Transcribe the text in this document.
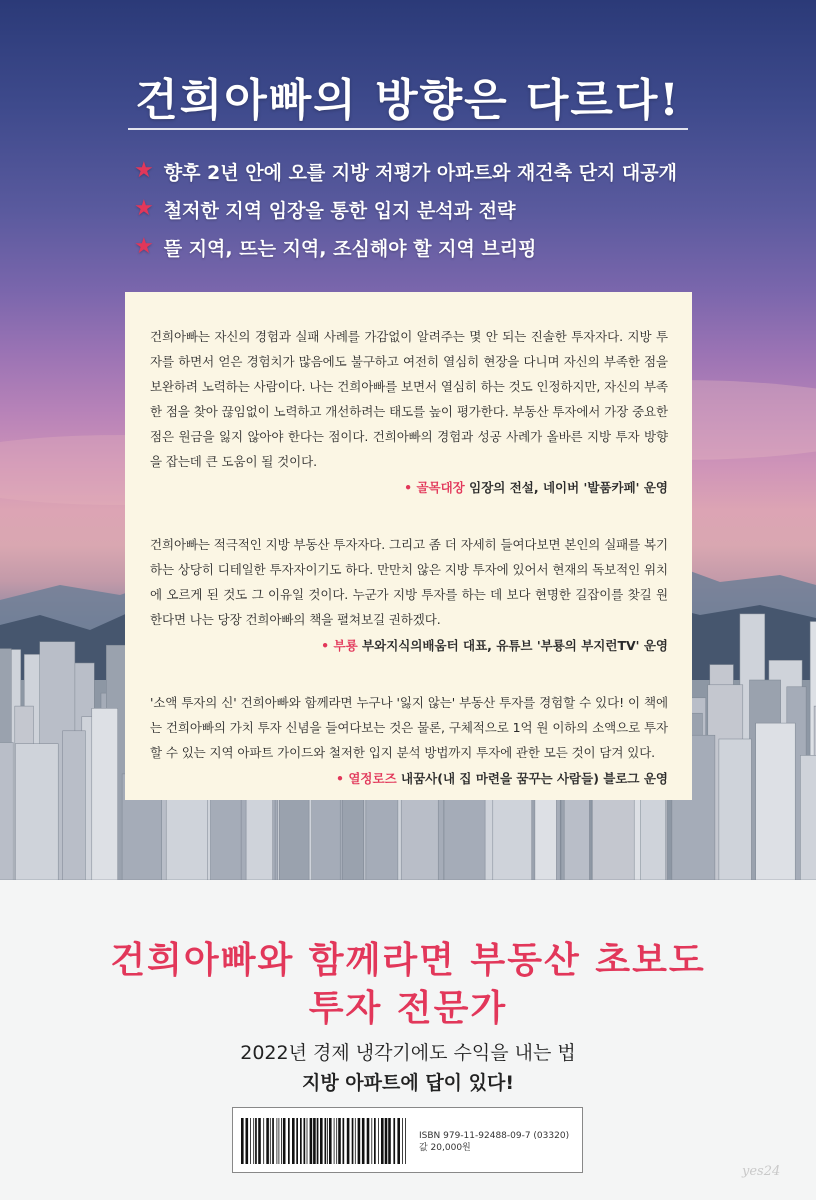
건희아빠의 방향은 다르다!
★ 향후 2년 안에 오를 지방 저평가 아파트와 재건축 단지 대공개
★ 철저한 지역 임장을 통한 입지 분석과 전략
★ 뜰 지역, 뜨는 지역, 조심해야 할 지역 브리핑

건희아빠는 자신의 경험과 실패 사례를 가감없이 알려주는 몇 안 되는 진솔한 투자자다. 지방 투자를 하면서 얻은 경험치가 많음에도 불구하고 여전히 열심히 현장을 다니며 자신의 부족한 점을 보완하려 노력하는 사람이다. 나는 건희아빠를 보면서 열심히 하는 것도 인정하지만, 자신의 부족한 점을 찾아 끊임없이 노력하고 개선하려는 태도를 높이 평가한다. 부동산 투자에서 가장 중요한 점은 원금을 잃지 않아야 한다는 점이다. 건희아빠의 경험과 성공 사례가 올바른 지방 투자 방향을 잡는데 큰 도움이 될 것이다.

• 골목대장 임장의 전설, 네이버 '발품카페' 운영

건희아빠는 적극적인 지방 부동산 투자자다. 그리고 좀 더 자세히 들여다보면 본인의 실패를 복기하는 상당히 디테일한 투자자이기도 하다. 만만치 않은 지방 투자에 있어서 현재의 독보적인 위치에 오르게 된 것도 그 이유일 것이다. 누군가 지방 투자를 하는 데 보다 현명한 길잡이를 찾길 원한다면 나는 당장 건희아빠의 책을 펼쳐보길 권하겠다.

• 부룡 부와지식의배움터 대표, 유튜브 '부룡의 부지런TV' 운영

'소액 투자의 신' 건희아빠와 함께라면 누구나 '잃지 않는' 부동산 투자를 경험할 수 있다! 이 책에는 건희아빠의 가치 투자 신념을 들여다보는 것은 물론, 구체적으로 1억 원 이하의 소액으로 투자할 수 있는 지역 아파트 가이드와 철저한 입지 분석 방법까지 투자에 관한 모든 것이 담겨 있다.

• 열정로즈 내꿈사(내 집 마련을 꿈꾸는 사람들) 블로그 운영
건희아빠와 함께라면 부동산 초보도
투자 전문가
2022년 경제 냉각기에도 수익을 내는 법
지방 아파트에 답이 있다!
ISBN 979-11-92488-09-7 (03320)
값 20,000원
yes24
